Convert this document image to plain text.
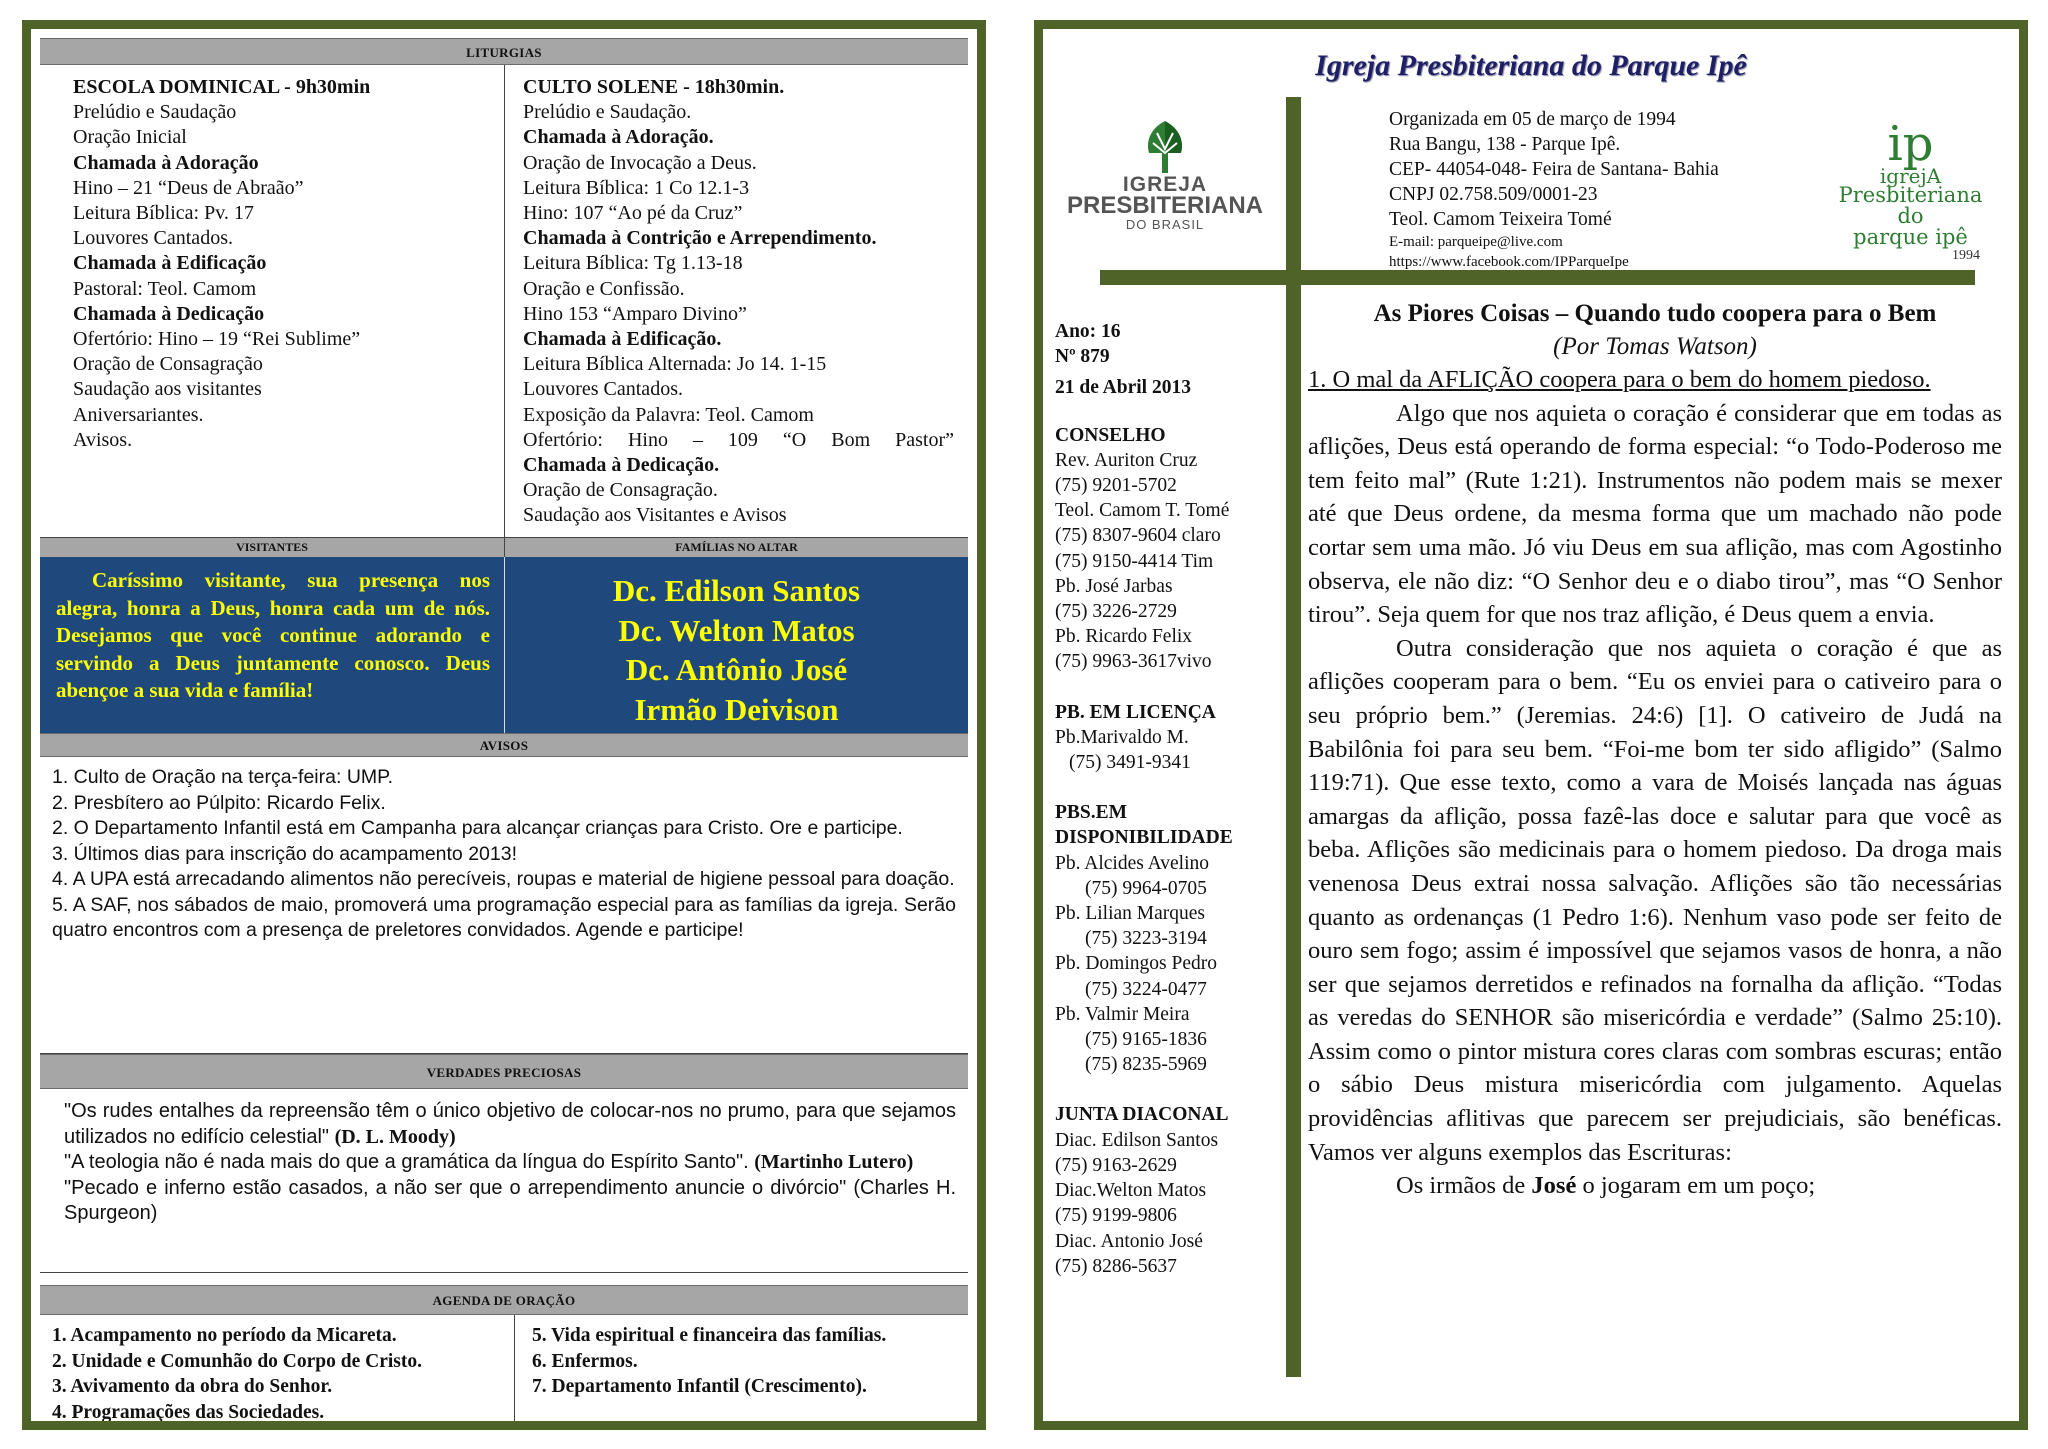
LITURGIAS
ESCOLA DOMINICAL - 9h30min
Prelúdio e Saudação
Oração Inicial
Chamada à Adoração
Hino – 21 “Deus de Abraão”
Leitura Bíblica: Pv. 17
Louvores Cantados.
Chamada à Edificação
Pastoral: Teol. Camom
Chamada à Dedicação
Ofertório: Hino – 19 “Rei Sublime”
Oração de Consagração
Saudação aos visitantes
Aniversariantes.
Avisos.
CULTO SOLENE - 18h30min.
Prelúdio e Saudação.
Chamada à Adoração.
Oração de Invocação a Deus.
Leitura Bíblica: 1 Co 12.1-3
Hino: 107 “Ao pé da Cruz”
Chamada à Contrição e Arrependimento.
Leitura Bíblica: Tg 1.13-18
Oração e Confissão.
Hino 153 “Amparo Divino”
Chamada à Edificação.
Leitura Bíblica Alternada: Jo 14. 1-15
Louvores Cantados.
Exposição da Palavra: Teol. Camom
Ofertório: Hino – 109 “O Bom Pastor”
Chamada à Dedicação.
Oração de Consagração.
Saudação aos Visitantes e Avisos
VISITANTES	FAMÍLIAS NO ALTAR
Caríssimo visitante, sua presença nos alegra, honra a Deus, honra cada um de nós. Desejamos que você continue adorando e servindo a Deus juntamente conosco. Deus abençoe a sua vida e família!
Dc. Edilson Santos
Dc. Welton Matos
Dc. Antônio José
Irmão Deivison
AVISOS
1. Culto de Oração na terça-feira: UMP.
2. Presbítero ao Púlpito: Ricardo Felix.
2. O Departamento Infantil está em Campanha para alcançar crianças para Cristo. Ore e participe.
3. Últimos dias para inscrição do acampamento 2013!
4. A UPA está arrecadando alimentos não perecíveis, roupas e material de higiene pessoal para doação.
5. A SAF, nos sábados de maio, promoverá uma programação especial para as famílias da igreja. Serão quatro encontros com a presença de preletores convidados. Agende e participe!
VERDADES PRECIOSAS
"Os rudes entalhes da repreensão têm o único objetivo de colocar-nos no prumo, para que sejamos utilizados no edifício celestial" (D. L. Moody)
"A teologia não é nada mais do que a gramática da língua do Espírito Santo". (Martinho Lutero)
"Pecado e inferno estão casados, a não ser que o arrependimento anuncie o divórcio" (Charles H. Spurgeon)
AGENDA DE ORAÇÃO
1. Acampamento no período da Micareta.
2. Unidade e Comunhão do Corpo de Cristo.
3. Avivamento da obra do Senhor.
4. Programações das Sociedades.
5. Vida espiritual e financeira das famílias.
6. Enfermos.
7. Departamento Infantil (Crescimento).
Igreja Presbiteriana do Parque Ipê
IGREJA
PRESBITERIANA
DO BRASIL
Organizada em 05 de março de 1994
Rua Bangu, 138 - Parque Ipê.
CEP- 44054-048- Feira de Santana- Bahia
CNPJ 02.758.509/0001-23
Teol. Camom Teixeira Tomé
E-mail: parqueipe@live.com
https://www.facebook.com/IPParqueIpe
ip
igrejA
Presbiteriana do
parque ipê
1994
Ano: 16
Nº 879
21 de Abril 2013
CONSELHO
Rev. Auriton Cruz
(75) 9201-5702
Teol. Camom T. Tomé
(75) 8307-9604 claro
(75) 9150-4414 Tim
Pb. José Jarbas
(75) 3226-2729
Pb. Ricardo Felix
(75) 9963-3617vivo
PB. EM LICENÇA
Pb.Marivaldo M.
(75) 3491-9341
PBS.EM
DISPONIBILIDADE
Pb. Alcides Avelino
(75) 9964-0705
Pb. Lilian Marques
(75) 3223-3194
Pb. Domingos Pedro
(75) 3224-0477
Pb. Valmir Meira
(75) 9165-1836
(75) 8235-5969
JUNTA DIACONAL
Diac. Edilson Santos
(75) 9163-2629
Diac.Welton Matos
(75) 9199-9806
Diac. Antonio José
(75) 8286-5637
As Piores Coisas – Quando tudo coopera para o Bem
(Por Tomas Watson)
1. O mal da AFLIÇÃO coopera para o bem do homem piedoso.
Algo que nos aquieta o coração é considerar que em todas as aflições, Deus está operando de forma especial: “o Todo-Poderoso me tem feito mal” (Rute 1:21). Instrumentos não podem mais se mexer até que Deus ordene, da mesma forma que um machado não pode cortar sem uma mão. Jó viu Deus em sua aflição, mas com Agostinho observa, ele não diz: “O Senhor deu e o diabo tirou”, mas “O Senhor tirou”. Seja quem for que nos traz aflição, é Deus quem a envia.
Outra consideração que nos aquieta o coração é que as aflições cooperam para o bem. “Eu os enviei para o cativeiro para o seu próprio bem.” (Jeremias. 24:6) [1]. O cativeiro de Judá na Babilônia foi para seu bem. “Foi-me bom ter sido afligido” (Salmo 119:71). Que esse texto, como a vara de Moisés lançada nas águas amargas da aflição, possa fazê-las doce e salutar para que você as beba. Aflições são medicinais para o homem piedoso. Da droga mais venenosa Deus extrai nossa salvação. Aflições são tão necessárias quanto as ordenanças (1 Pedro 1:6). Nenhum vaso pode ser feito de ouro sem fogo; assim é impossível que sejamos vasos de honra, a não ser que sejamos derretidos e refinados na fornalha da aflição. “Todas as veredas do SENHOR são misericórdia e verdade” (Salmo 25:10). Assim como o pintor mistura cores claras com sombras escuras; então o sábio Deus mistura misericórdia com julgamento. Aquelas providências aflitivas que parecem ser prejudiciais, são benéficas. Vamos ver alguns exemplos das Escrituras:
Os irmãos de José o jogaram em um poço;
